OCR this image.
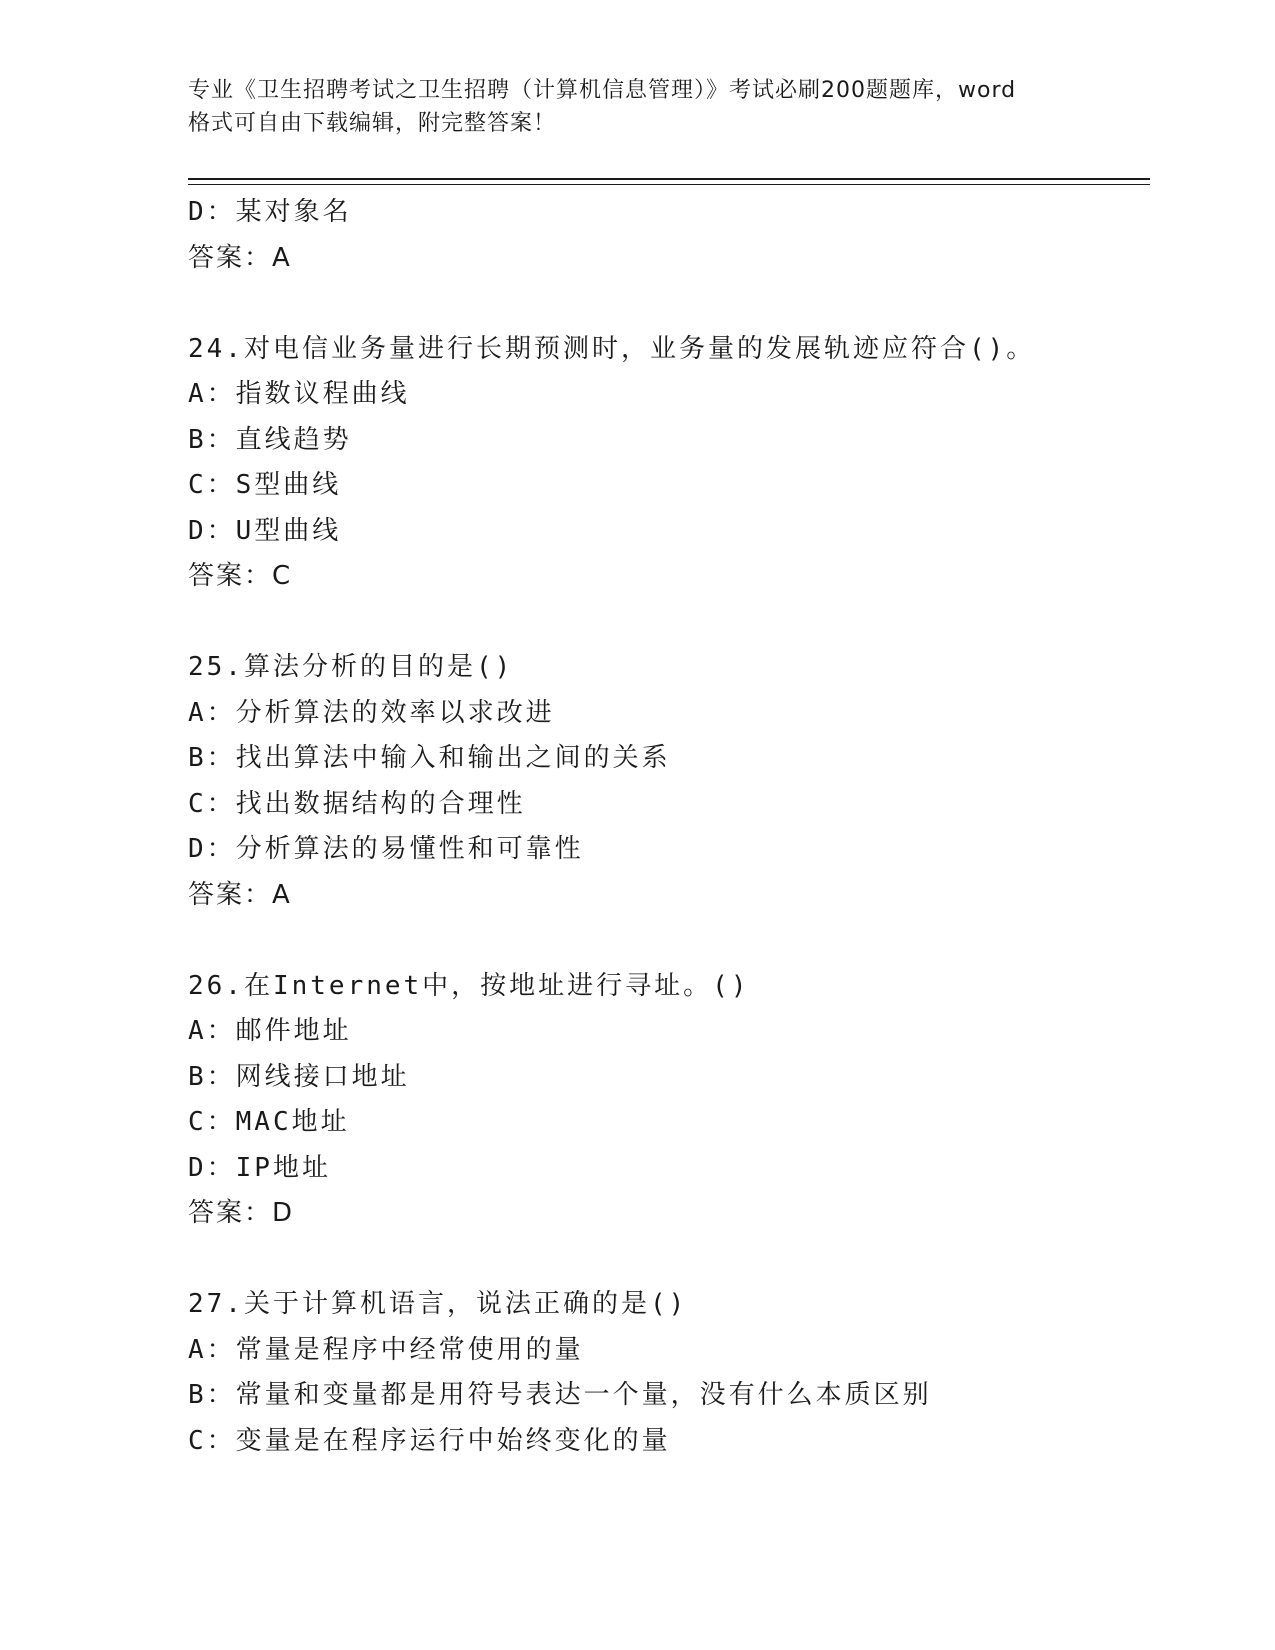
专业《卫生招聘考试之卫生招聘（计算机信息管理）》考试必刷200题题库，word
格式可自由下载编辑，附完整答案！
D：某对象名
答案：A
24.对电信业务量进行长期预测时，业务量的发展轨迹应符合()。
A：指数议程曲线
B：直线趋势
C：S型曲线
D：U型曲线
答案：C
25.算法分析的目的是()
A：分析算法的效率以求改进
B：找出算法中输入和输出之间的关系
C：找出数据结构的合理性
D：分析算法的易懂性和可靠性
答案：A
26.在Internet中，按地址进行寻址。()
A：邮件地址
B：网线接口地址
C：MAC地址
D：IP地址
答案：D
27.关于计算机语言，说法正确的是()
A：常量是程序中经常使用的量
B：常量和变量都是用符号表达一个量，没有什么本质区别
C：变量是在程序运行中始终变化的量
